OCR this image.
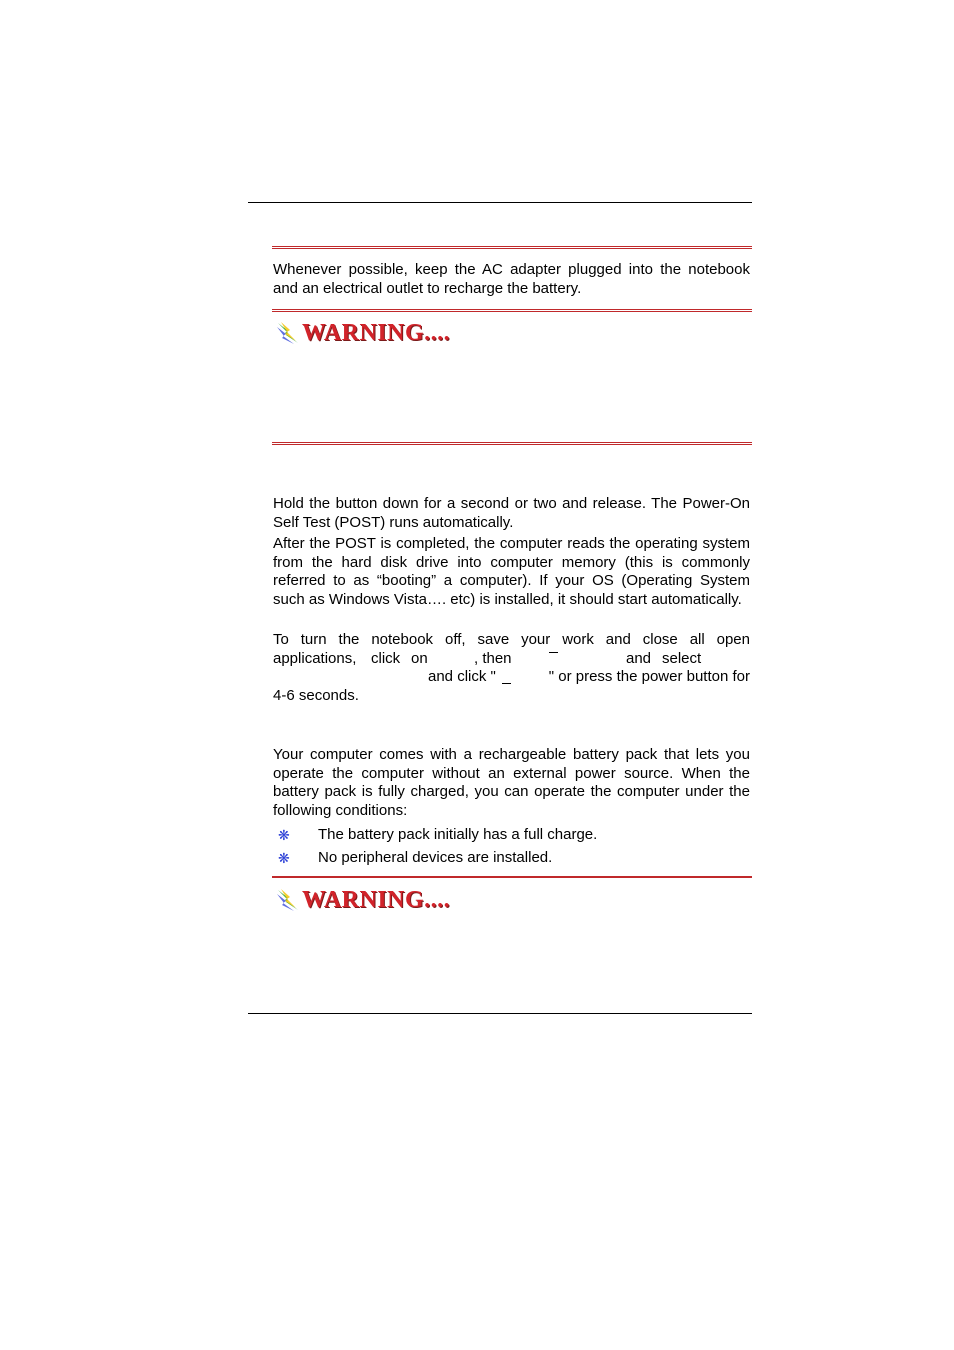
Whenever possible, keep the AC adapter plugged into the notebook and an electrical outlet to recharge the battery.

WARNING....

Hold the button down for a second or two and release. The Power-On Self Test (POST) runs automatically.

After the POST is completed, the computer reads the operating system from the hard disk drive into computer memory (this is commonly referred to as “booting” a computer). If your OS (Operating System such as Windows Vista…. etc) is installed, it should start automatically.

To turn the notebook off, save your work and close all open
applications, click on	, then	and select
and click "	" or press the power button for
4-6 seconds.

Your computer comes with a rechargeable battery pack that lets you operate the computer without an external power source. When the battery pack is fully charged, you can operate the computer under the following conditions:

❋	The battery pack initially has a full charge.
❋	No peripheral devices are installed.
WARNING....
